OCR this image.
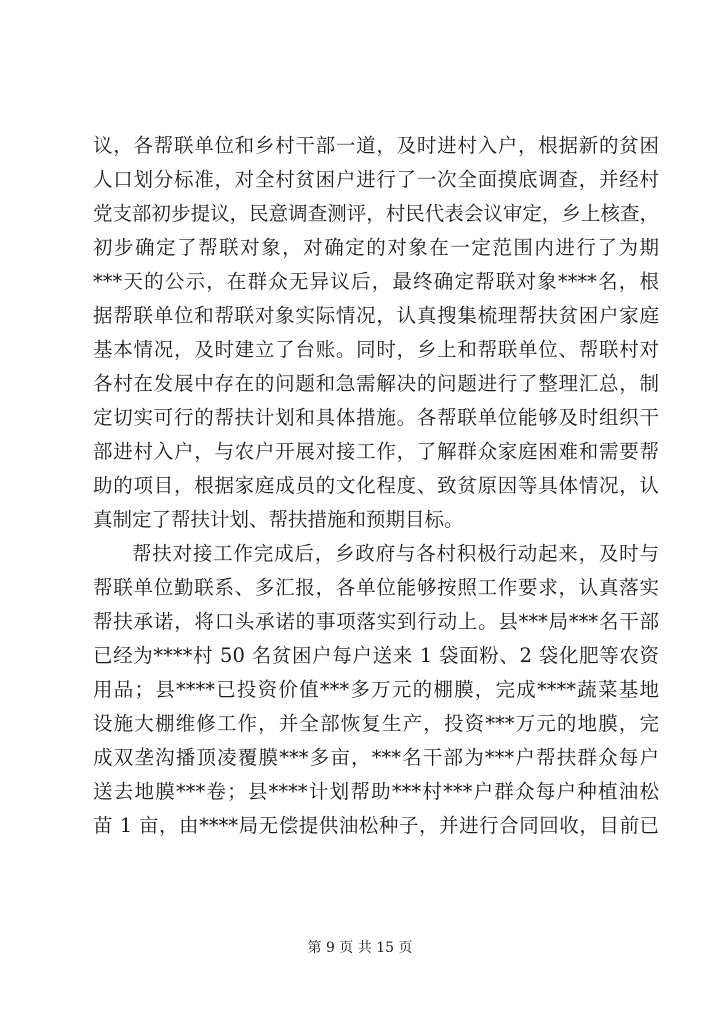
议，各帮联单位和乡村干部一道，及时进村入户，根据新的贫困
人口划分标准，对全村贫困户进行了一次全面摸底调查，并经村
党支部初步提议，民意调查测评，村民代表会议审定，乡上核查，
初步确定了帮联对象，对确定的对象在一定范围内进行了为期
***天的公示，在群众无异议后，最终确定帮联对象****名，根
据帮联单位和帮联对象实际情况，认真搜集梳理帮扶贫困户家庭
基本情况，及时建立了台账。同时，乡上和帮联单位、帮联村对
各村在发展中存在的问题和急需解决的问题进行了整理汇总，制
定切实可行的帮扶计划和具体措施。各帮联单位能够及时组织干
部进村入户，与农户开展对接工作，了解群众家庭困难和需要帮
助的项目，根据家庭成员的文化程度、致贫原因等具体情况，认
真制定了帮扶计划、帮扶措施和预期目标。
帮扶对接工作完成后，乡政府与各村积极行动起来，及时与
帮联单位勤联系、多汇报，各单位能够按照工作要求，认真落实
帮扶承诺，将口头承诺的事项落实到行动上。县***局***名干部
已经为****村 50 名贫困户每户送来 1 袋面粉、2 袋化肥等农资
用品；县****已投资价值***多万元的棚膜，完成****蔬菜基地
设施大棚维修工作，并全部恢复生产，投资***万元的地膜，完
成双垄沟播顶凌覆膜***多亩，***名干部为***户帮扶群众每户
送去地膜***卷；县****计划帮助***村***户群众每户种植油松
苗 1 亩，由****局无偿提供油松种子，并进行合同回收，目前已
第 9 页 共 15 页
